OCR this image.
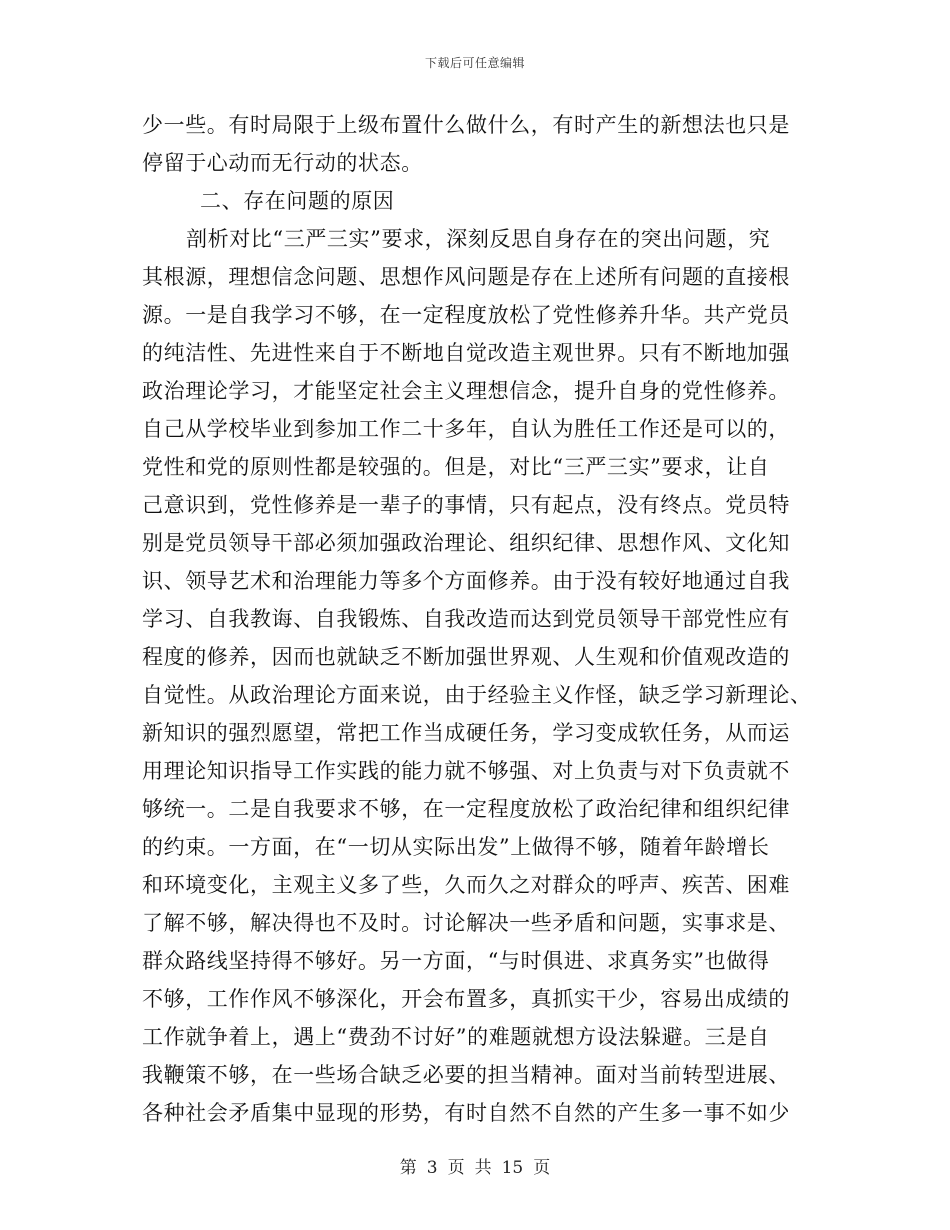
下载后可任意编辑
少一些。有时局限于上级布置什么做什么，有时产生的新想法也只是
停留于心动而无行动的状态。
二、存在问题的原因
剖析对比“三严三实”要求，深刻反思自身存在的突出问题，究
其根源，理想信念问题、思想作风问题是存在上述所有问题的直接根
源。一是自我学习不够，在一定程度放松了党性修养升华。共产党员
的纯洁性、先进性来自于不断地自觉改造主观世界。只有不断地加强
政治理论学习，才能坚定社会主义理想信念，提升自身的党性修养。
自己从学校毕业到参加工作二十多年，自认为胜任工作还是可以的，
党性和党的原则性都是较强的。但是，对比“三严三实”要求，让自
己意识到，党性修养是一辈子的事情，只有起点，没有终点。党员特
别是党员领导干部必须加强政治理论、组织纪律、思想作风、文化知
识、领导艺术和治理能力等多个方面修养。由于没有较好地通过自我
学习、自我教诲、自我锻炼、自我改造而达到党员领导干部党性应有
程度的修养，因而也就缺乏不断加强世界观、人生观和价值观改造的
自觉性。从政治理论方面来说，由于经验主义作怪，缺乏学习新理论、
新知识的强烈愿望，常把工作当成硬任务，学习变成软任务，从而运
用理论知识指导工作实践的能力就不够强、对上负责与对下负责就不
够统一。二是自我要求不够，在一定程度放松了政治纪律和组织纪律
的约束。一方面，在“一切从实际出发”上做得不够，随着年龄增长
和环境变化，主观主义多了些，久而久之对群众的呼声、疾苦、困难
了解不够，解决得也不及时。讨论解决一些矛盾和问题，实事求是、
群众路线坚持得不够好。另一方面，“与时俱进、求真务实”也做得
不够，工作作风不够深化，开会布置多，真抓实干少，容易出成绩的
工作就争着上，遇上“费劲不讨好”的难题就想方设法躲避。三是自
我鞭策不够，在一些场合缺乏必要的担当精神。面对当前转型进展、
各种社会矛盾集中显现的形势，有时自然不自然的产生多一事不如少
第 3 页 共 15 页
